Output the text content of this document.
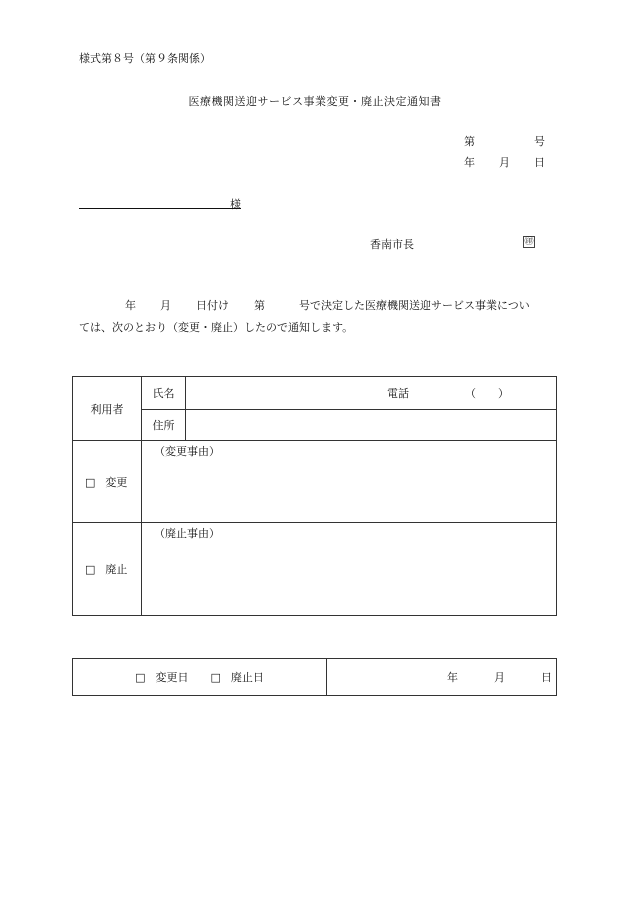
様式第８号（第９条関係）
医療機関送迎サービス事業変更・廃止決定通知書
第	号
年 月 日
様
香南市長	㊞
年 月 日付け 第	号で決定した医療機関送迎サービス事業につい
ては、次のとおり（変更・廃止）したので通知します。
利用者	氏名	電話 （　　）
	住所	
□ 変更	（変更事由）	

□ 廃止	（廃止事由）	
□ 変更日 □ 廃止日	年	月	日
